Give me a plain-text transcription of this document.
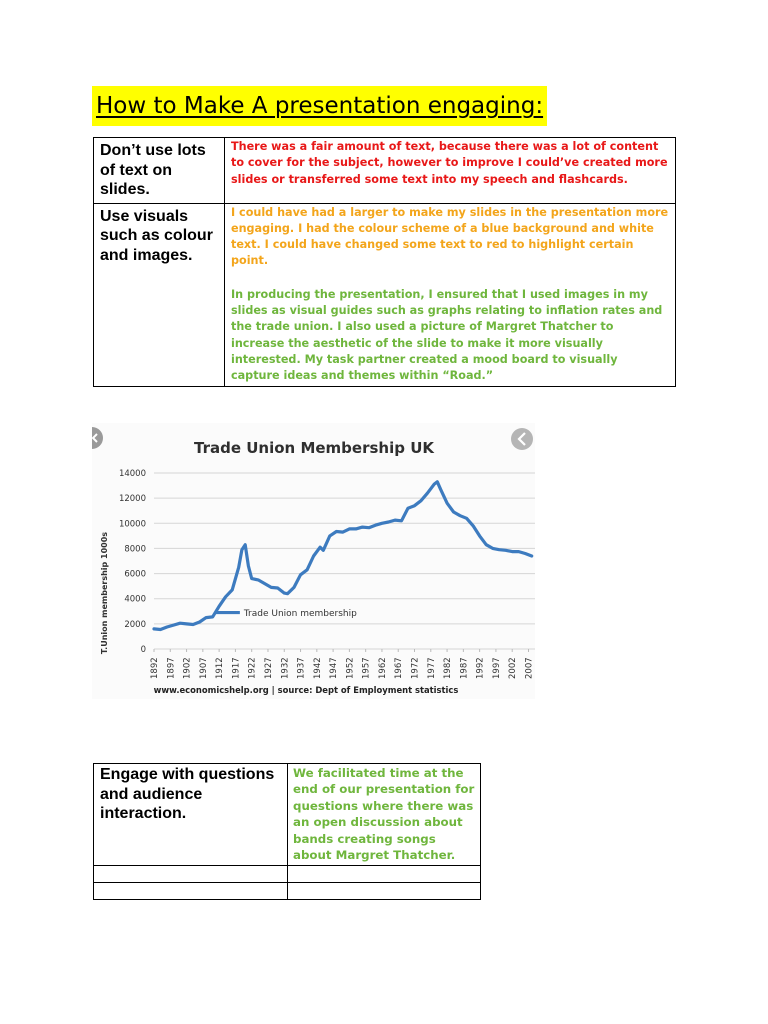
How to Make A presentation engaging:
Don’t use lots of text on slides.	There was a fair amount of text, because there was a lot of content to cover for the subject, however to improve I could’ve created more slides or transferred some text into my speech and flashcards.

Use visuals such as colour and images.	I could have had a larger to make my slides in the presentation more engaging. I had the colour scheme of a blue background and white text. I could have changed some text to red to highlight certain point.
In producing the presentation, I ensured that I used images in my slides as visual guides such as graphs relating to inflation rates and the trade union. I also used a picture of Margret Thatcher to increase the aesthetic of the slide to make it more visually interested. My task partner created a mood board to visually capture ideas and themes within “Road.”
Trade Union Membership UK
T.Union membership 1000s
www.economicshelp.org | source: Dept of Employment statistics
0
2000
4000
6000
8000
10000
12000
14000
1892 1897 1902 1907 1912 1917 1922 1927 1932 1937 1942 1947 1952 1957 1962 1967 1972 1977 1982 1987 1992 1997 2002 2007
Trade Union membership
Engage with questions and audience interaction.	We facilitated time at the end of our presentation for questions where there was an open discussion about bands creating songs about Margret Thatcher.
